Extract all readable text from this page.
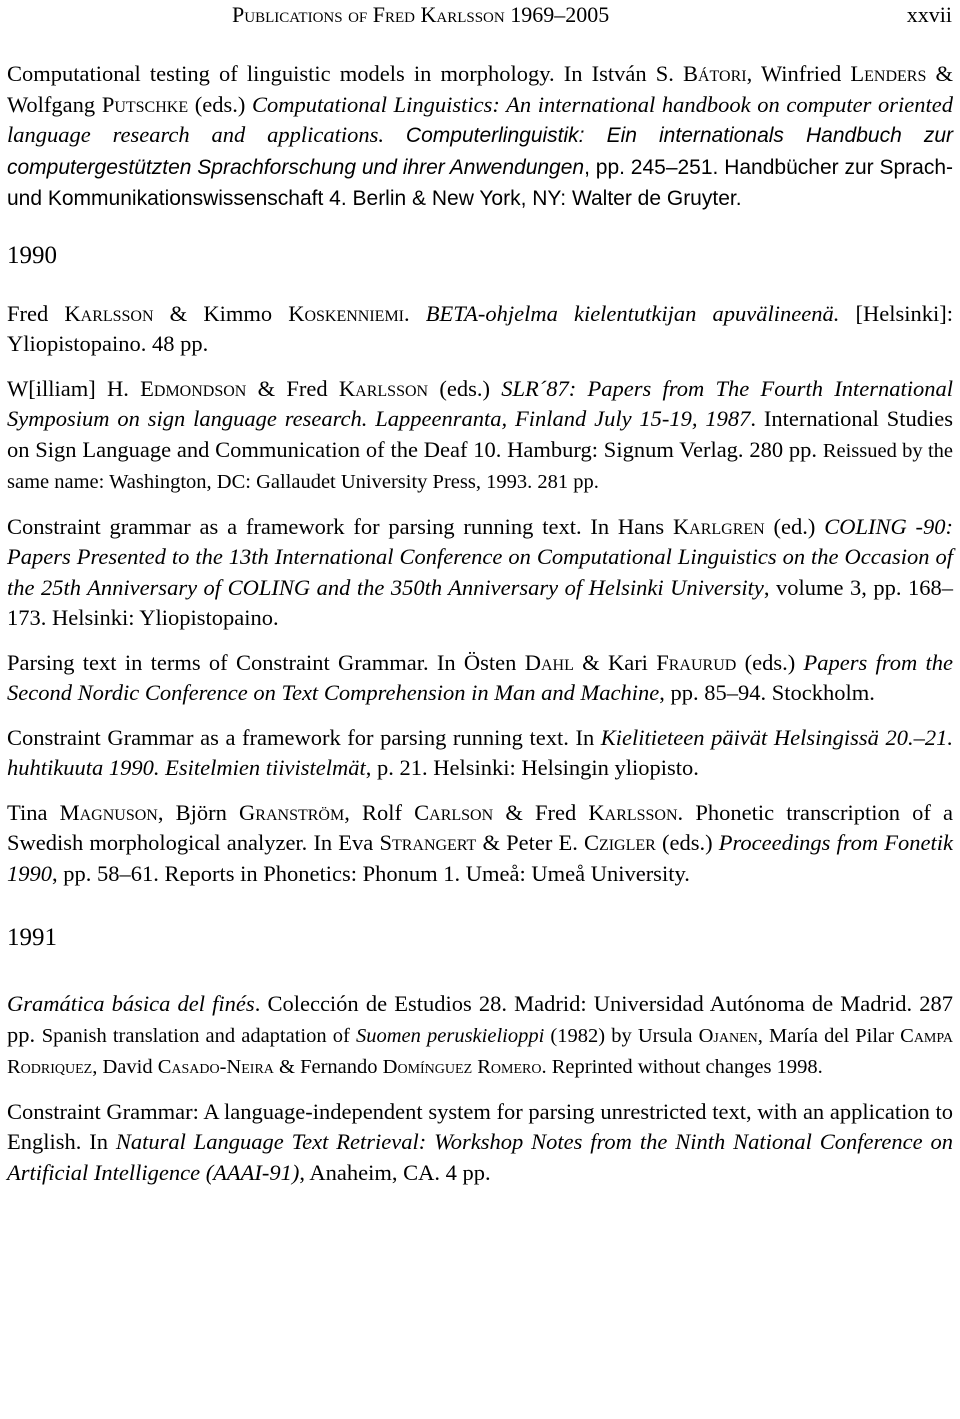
Publications of Fred Karlsson 1969–2005	xxvii

Computational testing of linguistic models in morphology. In István S. Bátori, Winfried Lenders & Wolfgang Putschke (eds.) Computational Linguistics: An international handbook on computer oriented language research and applications. Computerlinguistik: Ein internationals Handbuch zur computergestützten Sprachforschung und ihrer Anwendungen, pp. 245–251. Handbücher zur Sprach- und Kommunikationswissenschaft 4. Berlin & New York, NY: Walter de Gruyter.

1990

Fred Karlsson & Kimmo Koskenniemi. BETA-ohjelma kielentutkijan apuvälineenä. [Helsinki]: Yliopistopaino. 48 pp.

W[illiam] H. Edmondson & Fred Karlsson (eds.) SLR´87: Papers from The Fourth International Symposium on sign language research. Lappeenranta, Finland July 15-19, 1987. International Studies on Sign Language and Communication of the Deaf 10. Hamburg: Signum Verlag. 280 pp. Reissued by the same name: Washington, DC: Gallaudet University Press, 1993. 281 pp.

Constraint grammar as a framework for parsing running text. In Hans Karlgren (ed.) COLING -90: Papers Presented to the 13th International Conference on Computational Linguistics on the Occasion of the 25th Anniversary of COLING and the 350th Anniversary of Helsinki University, volume 3, pp. 168–173. Helsinki: Yliopistopaino.

Parsing text in terms of Constraint Grammar. In Östen Dahl & Kari Fraurud (eds.) Papers from the Second Nordic Conference on Text Comprehension in Man and Machine, pp. 85–94. Stockholm.

Constraint Grammar as a framework for parsing running text. In Kielitieteen päivät Helsingissä 20.–21. huhtikuuta 1990. Esitelmien tiivistelmät, p. 21. Helsinki: Helsingin yliopisto.

Tina Magnuson, Björn Granström, Rolf Carlson & Fred Karlsson. Phonetic transcription of a Swedish morphological analyzer. In Eva Strangert & Peter E. Czigler (eds.) Proceedings from Fonetik 1990, pp. 58–61. Reports in Phonetics: Phonum 1. Umeå: Umeå University.

1991

Gramática básica del finés. Colección de Estudios 28. Madrid: Universidad Autónoma de Madrid. 287 pp. Spanish translation and adaptation of Suomen peruskielioppi (1982) by Ursula Ojanen, María del Pilar Campa Rodriquez, David Casado-Neira & Fernando Domínguez Romero. Reprinted without changes 1998.

Constraint Grammar: A language-independent system for parsing unrestricted text, with an application to English. In Natural Language Text Retrieval: Workshop Notes from the Ninth National Conference on Artificial Intelligence (AAAI-91), Anaheim, CA. 4 pp.
